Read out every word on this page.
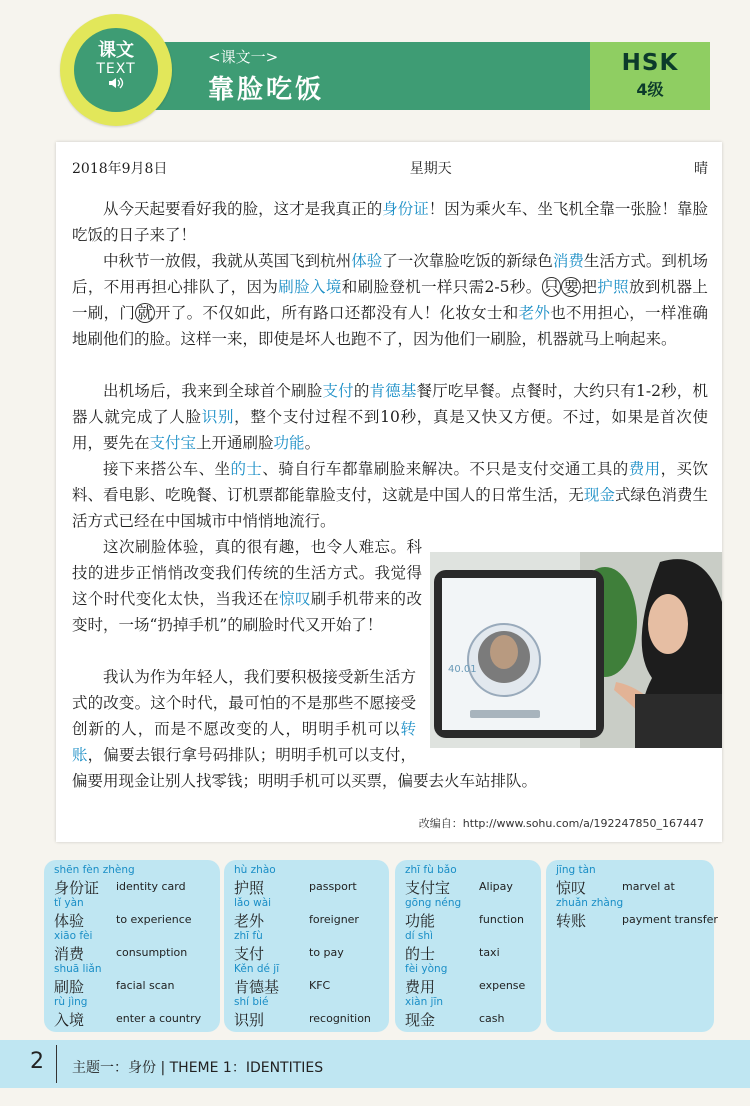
HSK
4级
<课文一>
靠脸吃饭
课文
TEXT
2018年9月8日	星期天	晴

从今天起要看好我的脸，这才是我真正的身份证！因为乘火车、坐飞机全靠一张脸！靠脸吃饭的日子来了！

中秋节一放假，我就从英国飞到杭州体验了一次靠脸吃饭的新绿色消费生活方式。到机场后，不用再担心排队了，因为刷脸入境和刷脸登机一样只需2-5秒。 只 要 把护照放到机器上一刷，门 就 开了。不仅如此，所有路口还都没有人！化妆女士和老外也不用担心，一样准确地刷他们的脸。这样一来，即使是坏人也跑不了，因为他们一刷脸，机器就马上响起来。

出机场后，我来到全球首个刷脸支付的肯德基餐厅吃早餐。点餐时，大约只有1-2秒，机器人就完成了人脸识别，整个支付过程不到10秒，真是又快又方便。不过，如果是首次使用，要先在支付宝上开通刷脸功能。

接下来搭公车、坐的士、骑自行车都靠刷脸来解决。不只是支付交通工具的费用，买饮料、看电影、吃晚餐、订机票都能靠脸支付，这就是中国人的日常生活，无现金式绿色消费生活方式已经在中国城市中悄悄地流行。

这次刷脸体验，真的很有趣，也令人难忘。科技的进步正悄悄改变我们传统的生活方式。我觉得这个时代变化太快，当我还在惊叹刷手机带来的改变时，一场“扔掉手机”的刷脸时代又开始了！

我认为作为年轻人，我们要积极接受新生活方式的改变。这个时代，最可怕的不是那些不愿接受创新的人，而是不愿改变的人，明明手机可以转账，偏要去银行拿号码排队；明明手机可以支付，偏要用现金让别人找零钱；明明手机可以买票，偏要去火车站排队。

40.01
改编自：http://www.sohu.com/a/192247850_167447
shēn fèn zhèng
身份证 identity card
tǐ yàn
体验	to experience
xiāo fèi
消费	consumption
shuā liǎn
刷脸	facial scan
rù jìng
入境	enter a country
hù zhào
护照	passport
lǎo wài
老外	foreigner
zhī fù
支付	to pay
Kěn dé jī
肯德基	KFC
shí bié
识别	recognition
zhī fù bǎo
支付宝	Alipay
gōng néng
功能	function
dí shì
的士	taxi
fèi yòng
费用	expense
xiàn jīn
现金	cash
jīng tàn
惊叹	marvel at
zhuǎn zhàng
转账	payment transfer
2 主题一：身份 | THEME 1：IDENTITIES
